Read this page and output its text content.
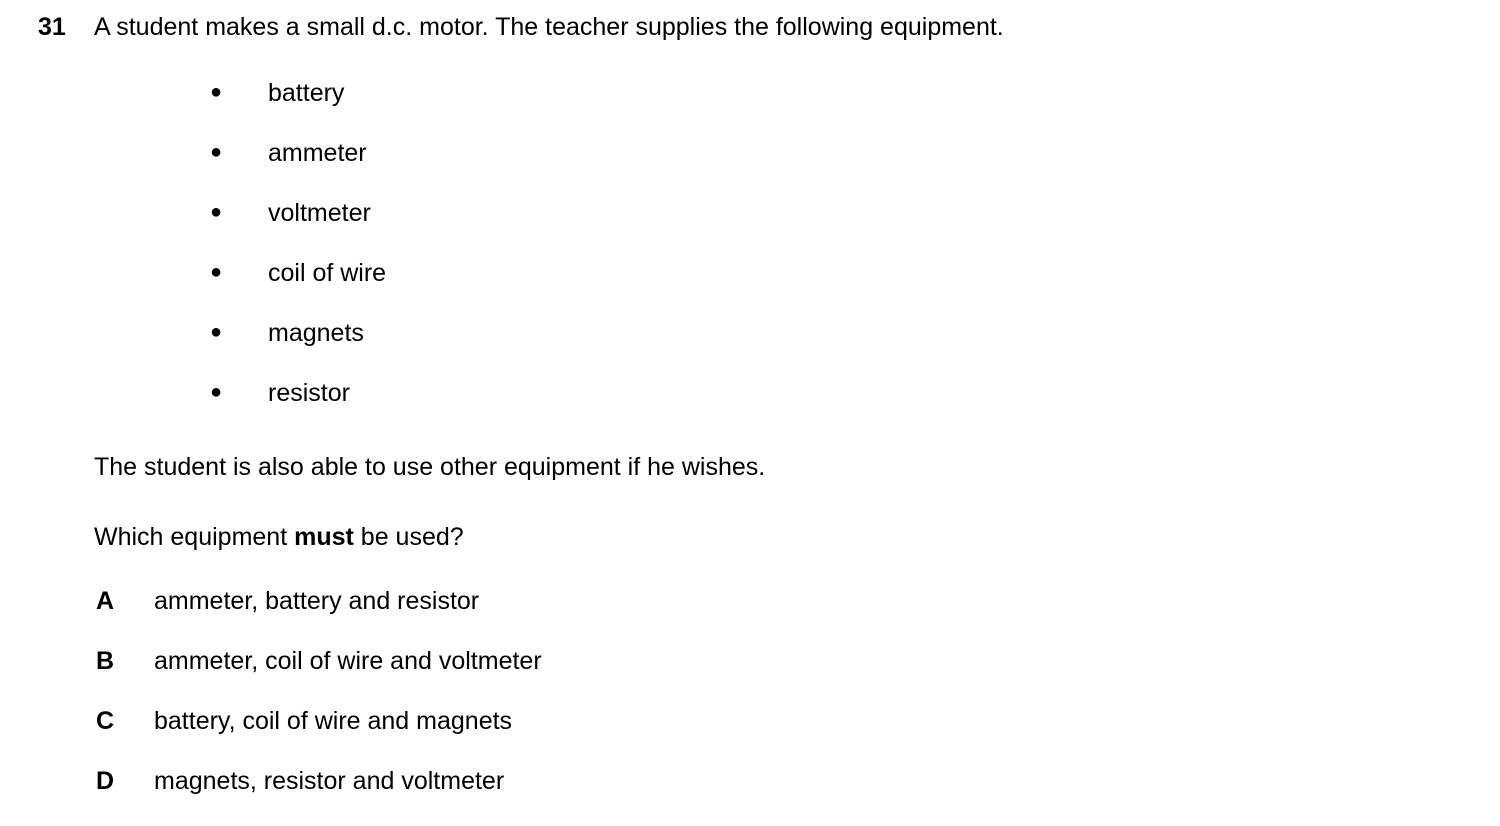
31	A student makes a small d.c. motor. The teacher supplies the following equipment.
●	battery
●	ammeter
●	voltmeter
●	coil of wire
●	magnets
●	resistor
The student is also able to use other equipment if he wishes.
Which equipment must be used?
A	ammeter, battery and resistor
B	ammeter, coil of wire and voltmeter
C	battery, coil of wire and magnets
D	magnets, resistor and voltmeter
